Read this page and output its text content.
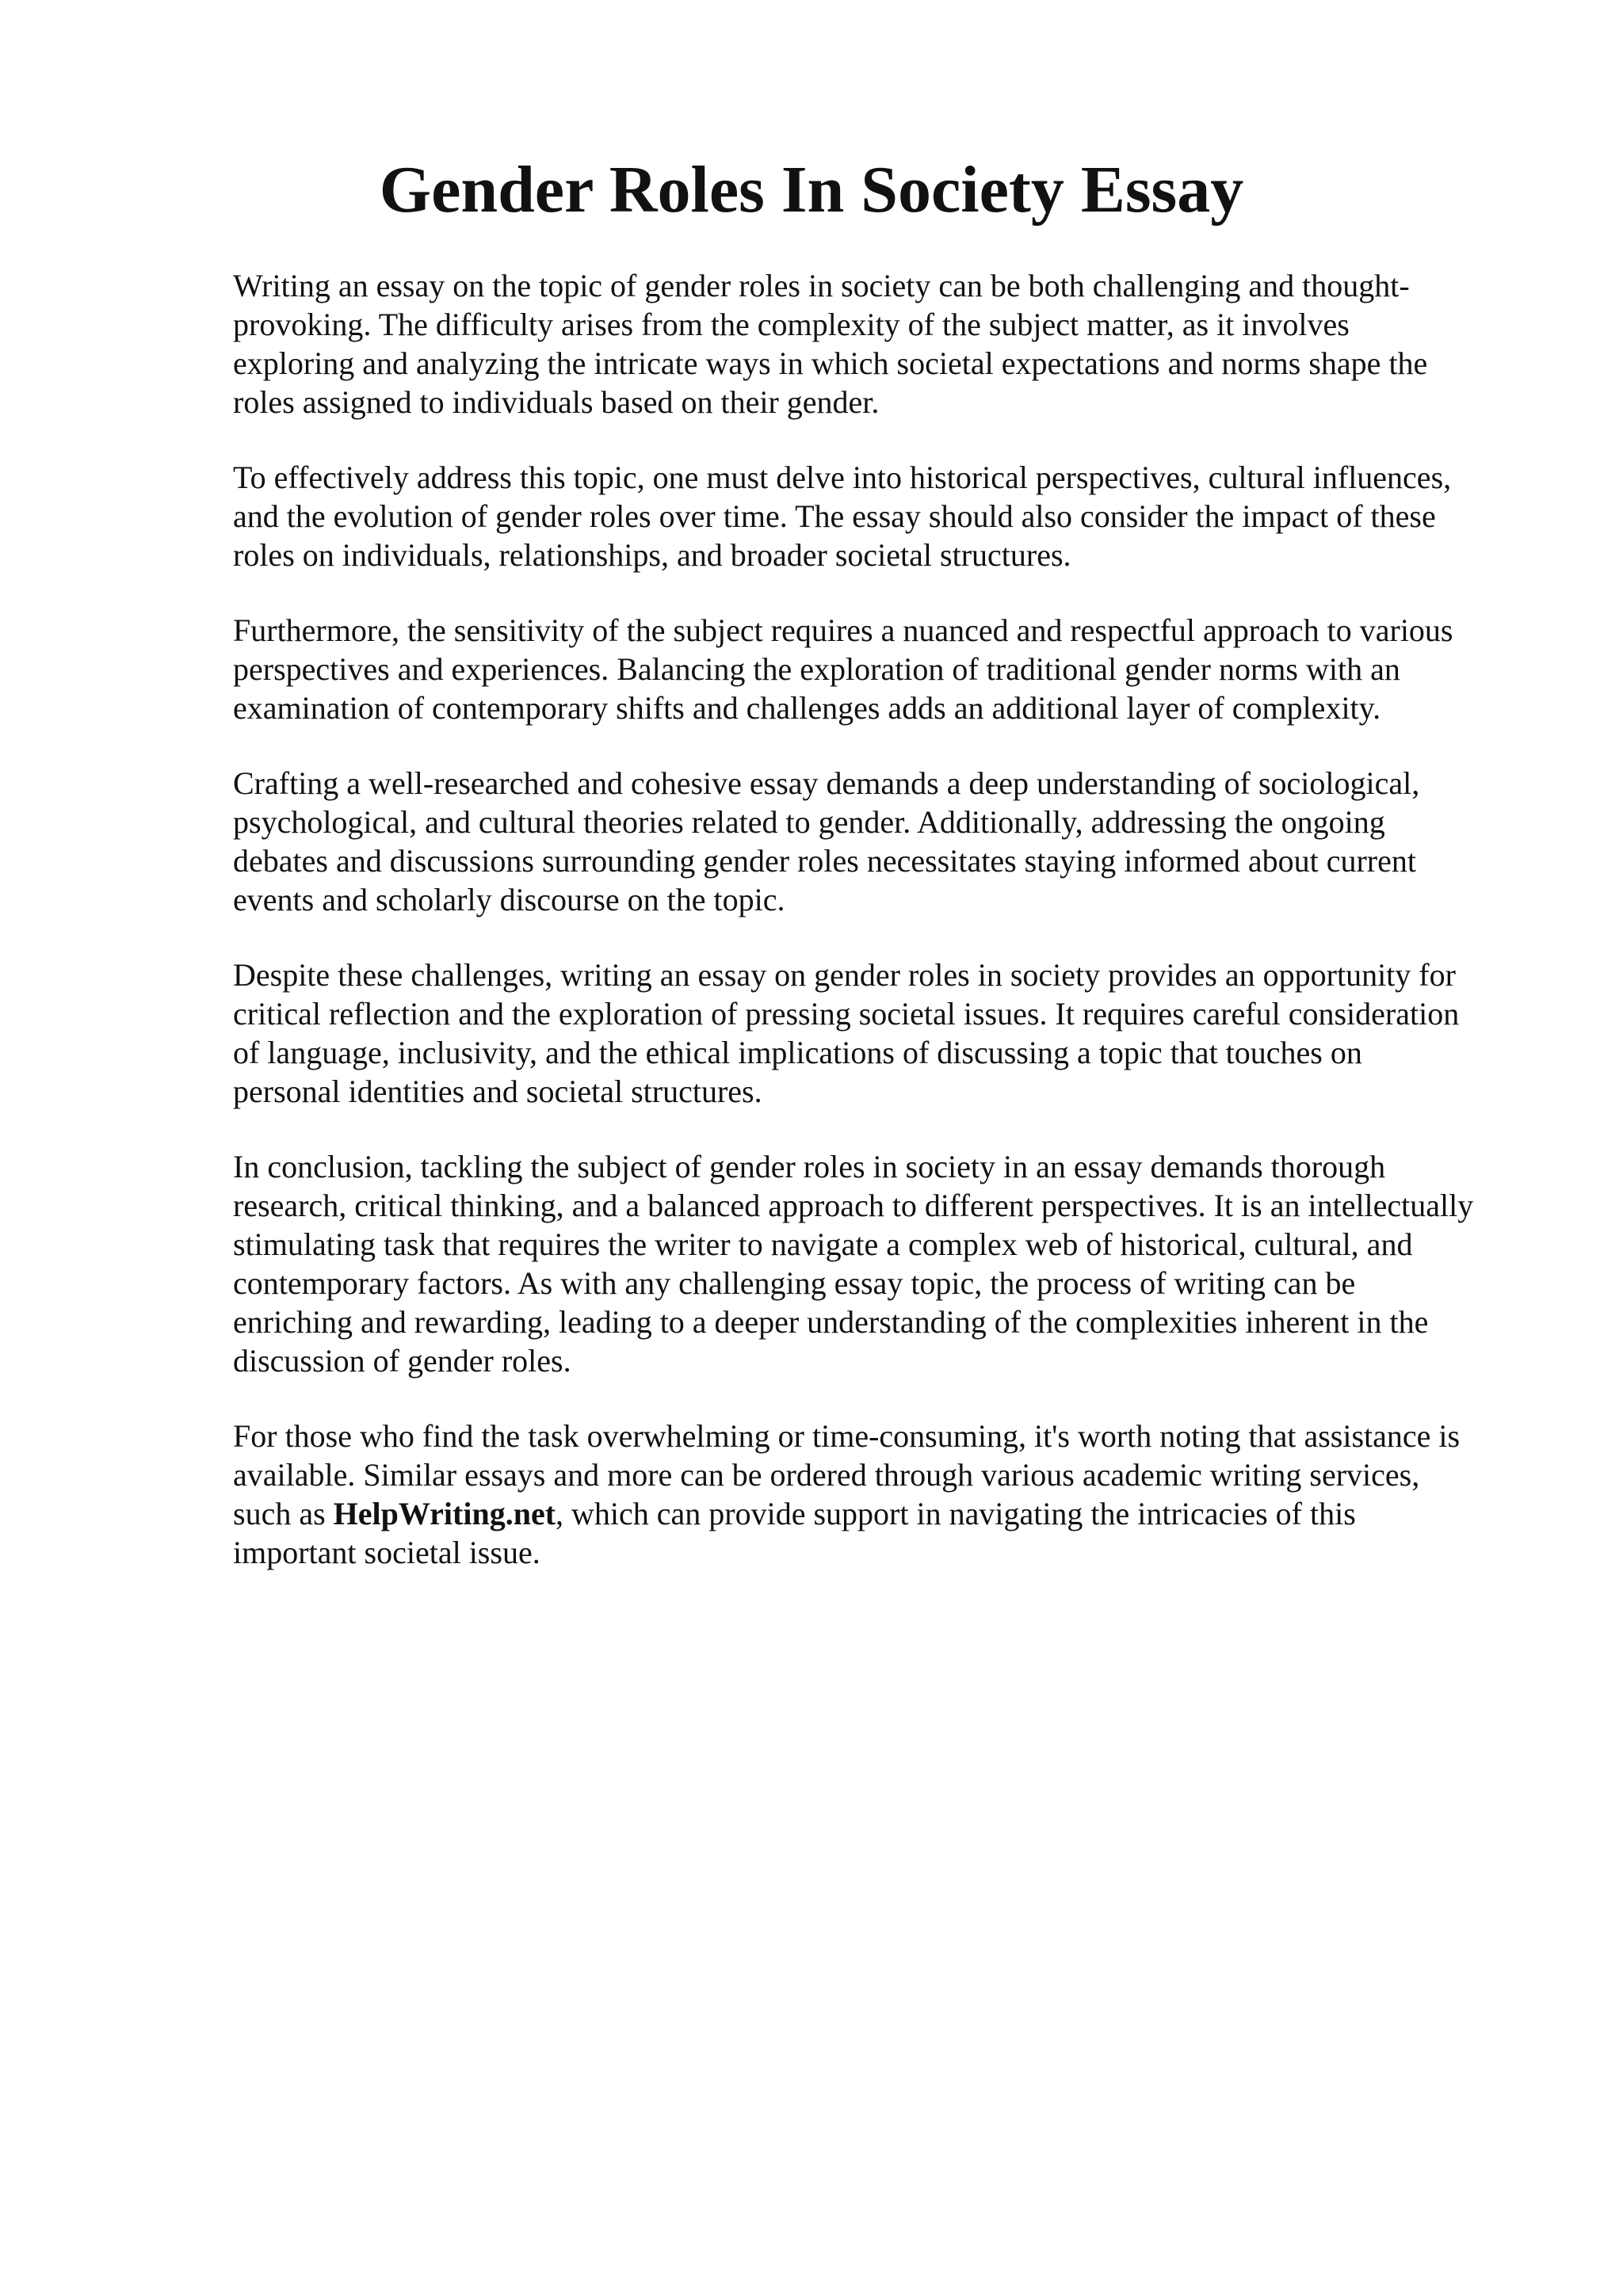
Gender Roles In Society Essay

Writing an essay on the topic of gender roles in society can be both challenging and thought-
provoking. The difficulty arises from the complexity of the subject matter, as it involves
exploring and analyzing the intricate ways in which societal expectations and norms shape the
roles assigned to individuals based on their gender.

To effectively address this topic, one must delve into historical perspectives, cultural influences,
and the evolution of gender roles over time. The essay should also consider the impact of these
roles on individuals, relationships, and broader societal structures.

Furthermore, the sensitivity of the subject requires a nuanced and respectful approach to various
perspectives and experiences. Balancing the exploration of traditional gender norms with an
examination of contemporary shifts and challenges adds an additional layer of complexity.

Crafting a well-researched and cohesive essay demands a deep understanding of sociological,
psychological, and cultural theories related to gender. Additionally, addressing the ongoing
debates and discussions surrounding gender roles necessitates staying informed about current
events and scholarly discourse on the topic.

Despite these challenges, writing an essay on gender roles in society provides an opportunity for
critical reflection and the exploration of pressing societal issues. It requires careful consideration
of language, inclusivity, and the ethical implications of discussing a topic that touches on
personal identities and societal structures.

In conclusion, tackling the subject of gender roles in society in an essay demands thorough
research, critical thinking, and a balanced approach to different perspectives. It is an intellectually
stimulating task that requires the writer to navigate a complex web of historical, cultural, and
contemporary factors. As with any challenging essay topic, the process of writing can be
enriching and rewarding, leading to a deeper understanding of the complexities inherent in the
discussion of gender roles.

For those who find the task overwhelming or time-consuming, it's worth noting that assistance is
available. Similar essays and more can be ordered through various academic writing services,
such as HelpWriting.net, which can provide support in navigating the intricacies of this
important societal issue.
